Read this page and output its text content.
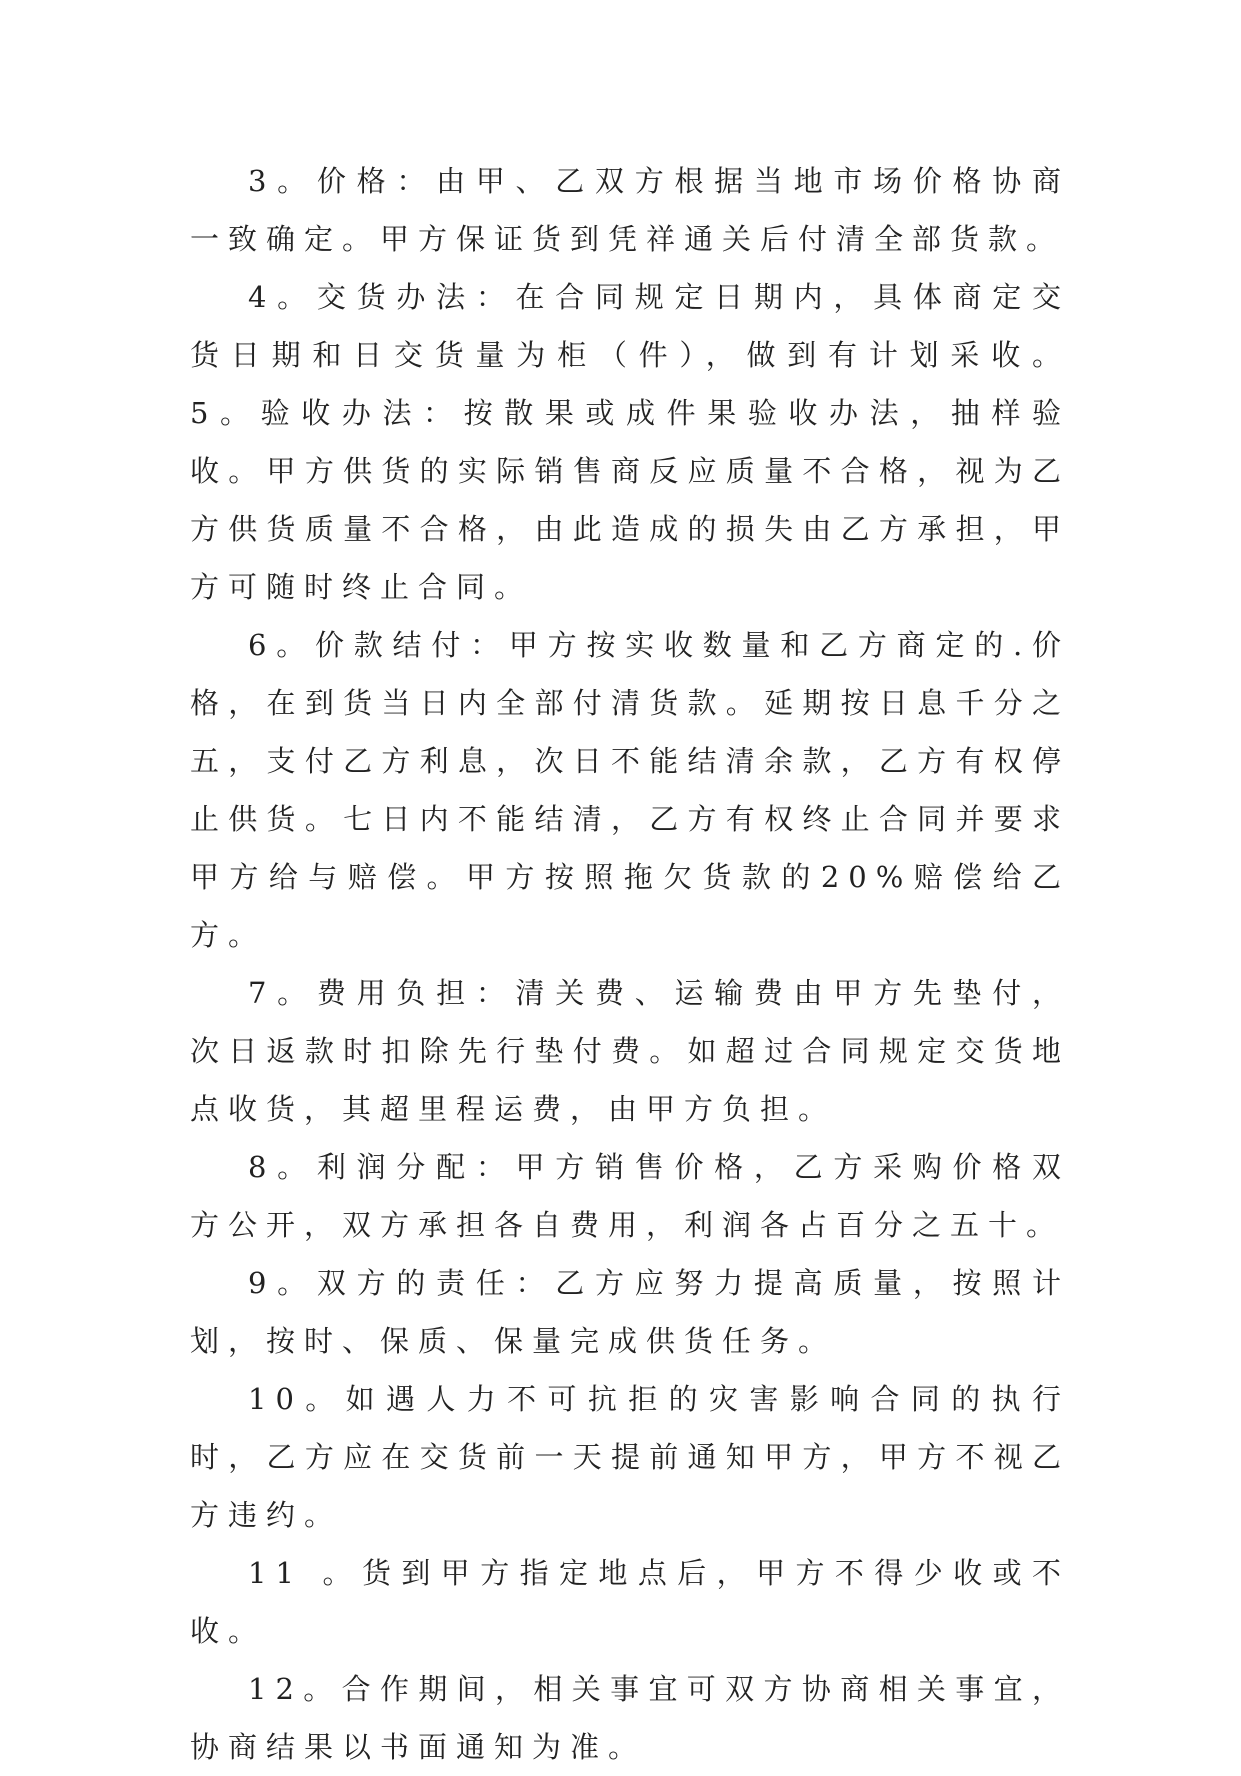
3。价格：由甲、乙双方根据当地市场价格协商一致确定。甲方保证货到凭祥通关后付清全部货款。

4。交货办法：在合同规定日期内，具体商定交货日期和日交货量为柜（件），做到有计划采收。 5。验收办法：按散果或成件果验收办法，抽样验收。甲方供货的实际销售商反应质量不合格，视为乙方供货质量不合格，由此造成的损失由乙方承担，甲方可随时终止合同。

6。价款结付：甲方按实收数量和乙方商定的.价格，在到货当日内全部付清货款。延期按日息千分之五，支付乙方利息，次日不能结清余款，乙方有权停止供货。七日内不能结清，乙方有权终止合同并要求甲方给与赔偿。甲方按照拖欠货款的20%赔偿给乙方。

7。费用负担：清关费、运输费由甲方先垫付，次日返款时扣除先行垫付费。如超过合同规定交货地点收货，其超里程运费，由甲方负担。

8。利润分配：甲方销售价格，乙方采购价格双方公开，双方承担各自费用，利润各占百分之五十。

9。双方的责任：乙方应努力提高质量，按照计划，按时、保质、保量完成供货任务。

10。如遇人力不可抗拒的灾害影响合同的执行时，乙方应在交货前一天提前通知甲方，甲方不视乙方违约。

11 。货到甲方指定地点后，甲方不得少收或不收。

12。合作期间，相关事宜可双方协商相关事宜，协商结果以书面通知为准。
